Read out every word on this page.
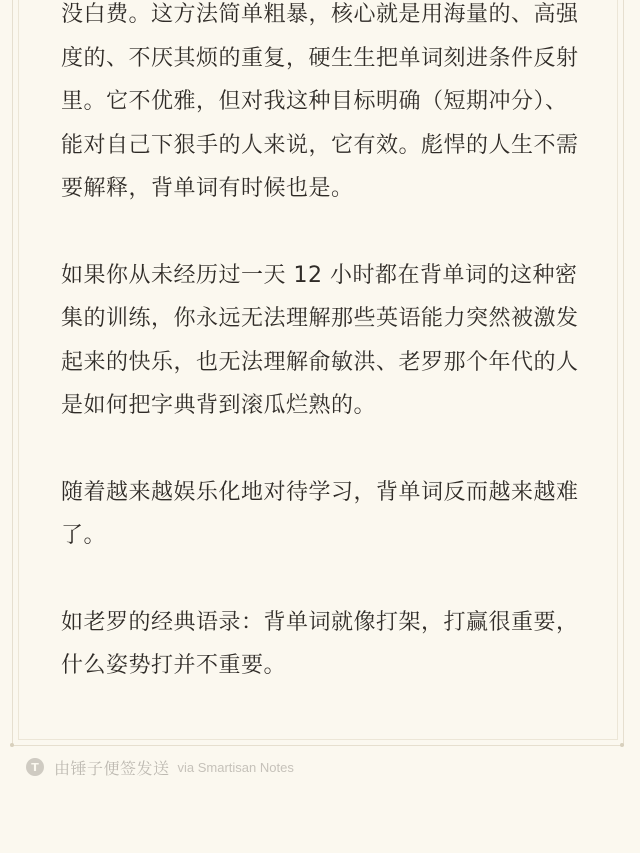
没白费。这方法简单粗暴，核心就是用海量的、高强度的、不厌其烦的重复，硬生生把单词刻进条件反射里。它不优雅，但对我这种目标明确（短期冲分）、能对自己下狠手的人来说，它有效。彪悍的人生不需要解释，背单词有时候也是。

如果你从未经历过一天 12 小时都在背单词的这种密集的训练，你永远无法理解那些英语能力突然被激发起来的快乐，也无法理解俞敏洪、老罗那个年代的人是如何把字典背到滚瓜烂熟的。

随着越来越娱乐化地对待学习，背单词反而越来越难了。

如老罗的经典语录：背单词就像打架，打赢很重要，什么姿势打并不重要。

T 由锤子便签发送 via Smartisan Notes
